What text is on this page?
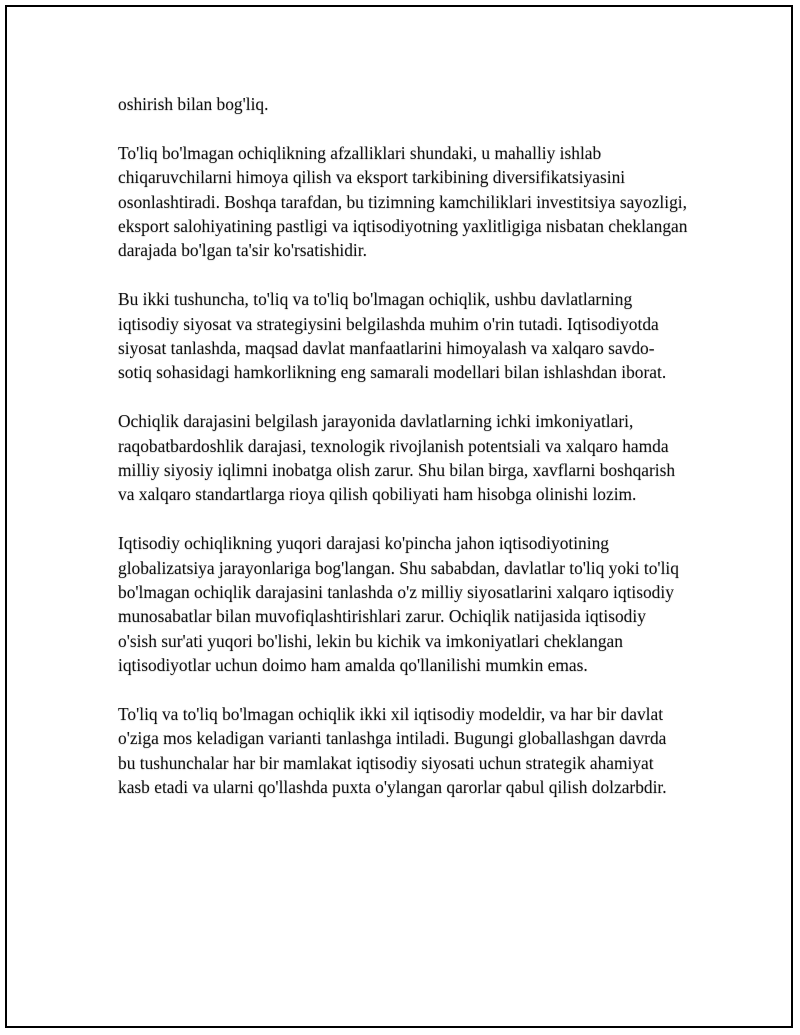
oshirish bilan bog'liq.

To'liq bo'lmagan ochiqlikning afzalliklari shundaki, u mahalliy ishlab chiqaruvchilarni himoya qilish va eksport tarkibining diversifikatsiyasini osonlashtiradi. Boshqa tarafdan, bu tizimning kamchiliklari investitsiya sayozligi, eksport salohiyatining pastligi va iqtisodiyotning yaxlitligiga nisbatan cheklangan darajada bo'lgan ta'sir ko'rsatishidir.

Bu ikki tushuncha, to'liq va to'liq bo'lmagan ochiqlik, ushbu davlatlarning iqtisodiy siyosat va strategiysini belgilashda muhim o'rin tutadi. Iqtisodiyotda siyosat tanlashda, maqsad davlat manfaatlarini himoyalash va xalqaro savdo-sotiq sohasidagi hamkorlikning eng samarali modellari bilan ishlashdan iborat.

Ochiqlik darajasini belgilash jarayonida davlatlarning ichki imkoniyatlari, raqobatbardoshlik darajasi, texnologik rivojlanish potentsiali va xalqaro hamda milliy siyosiy iqlimni inobatga olish zarur. Shu bilan birga, xavflarni boshqarish va xalqaro standartlarga rioya qilish qobiliyati ham hisobga olinishi lozim.

Iqtisodiy ochiqlikning yuqori darajasi ko'pincha jahon iqtisodiyotining globalizatsiya jarayonlariga bog'langan. Shu sababdan, davlatlar to'liq yoki to'liq bo'lmagan ochiqlik darajasini tanlashda o'z milliy siyosatlarini xalqaro iqtisodiy munosabatlar bilan muvofiqlashtirishlari zarur. Ochiqlik natijasida iqtisodiy o'sish sur'ati yuqori bo'lishi, lekin bu kichik va imkoniyatlari cheklangan iqtisodiyotlar uchun doimo ham amalda qo'llanilishi mumkin emas.

To'liq va to'liq bo'lmagan ochiqlik ikki xil iqtisodiy modeldir, va har bir davlat o'ziga mos keladigan varianti tanlashga intiladi. Bugungi globallashgan davrda bu tushunchalar har bir mamlakat iqtisodiy siyosati uchun strategik ahamiyat kasb etadi va ularni qo'llashda puxta o'ylangan qarorlar qabul qilish dolzarbdir.
